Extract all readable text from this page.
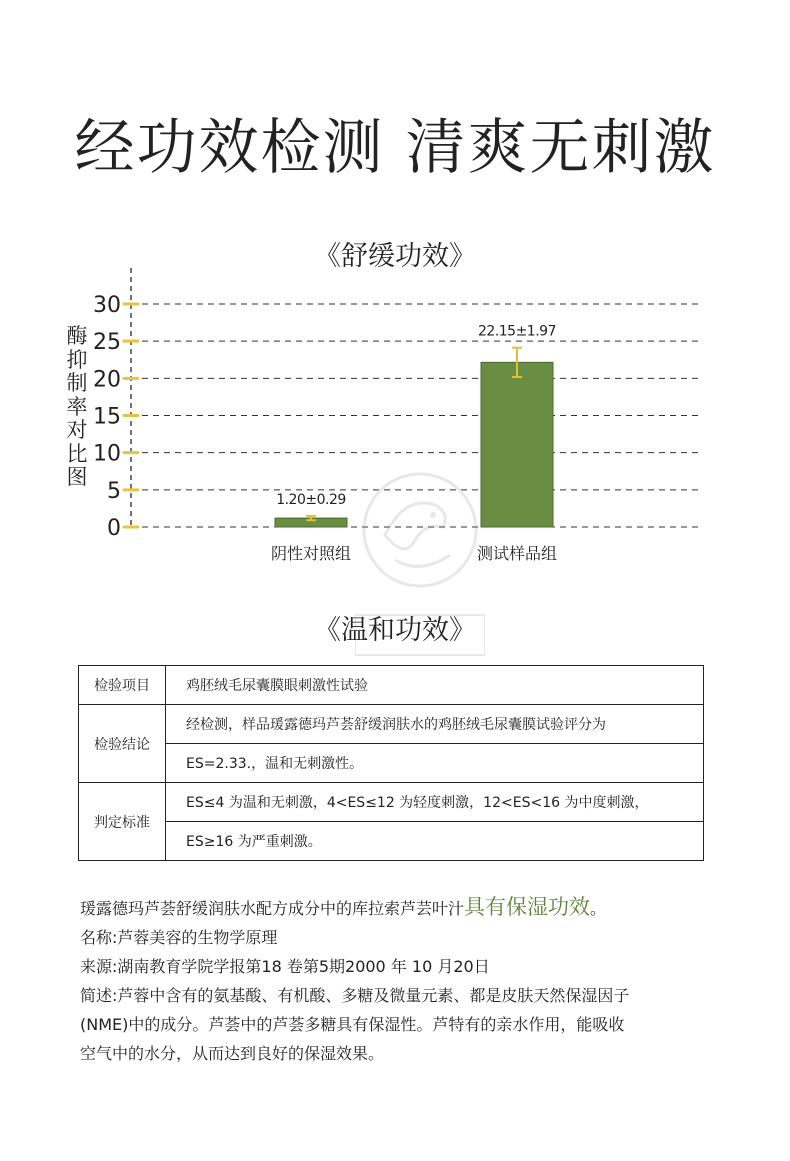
经功效检测 清爽无刺激
《舒缓功效》
酶抑制率对比图
0
5
10
15
20
25
30
1.20±0.29
阴性对照组
22.15±1.97
测试样品组
《温和功效》
检验项目	鸡胚绒毛尿囊膜眼刺激性试验
检验结论	经检测，样品瑗露德玛芦荟舒缓润肤水的鸡胚绒毛尿囊膜试验评分为
	ES=2.33.，温和无刺激性。
判定标准	ES≤4 为温和无刺激，4<ES≤12 为轻度刺激，12<ES<16 为中度刺激，
	ES≥16 为严重刺激。

瑗露德玛芦荟舒缓润肤水配方成分中的库拉索芦芸叶汁具有保湿功效。

名称:芦蓉美容的生物学原理

来源:湖南教育学院学报第18 卷第5期2000 年 10 月20日

简述:芦蓉中含有的氨基酸、有机酸、多糖及微量元素、都是皮肤天然保湿因子

(NME)中的成分。芦荟中的芦荟多糖具有保湿性。芦特有的亲水作用，能吸收

空气中的水分，从而达到良好的保湿效果。
